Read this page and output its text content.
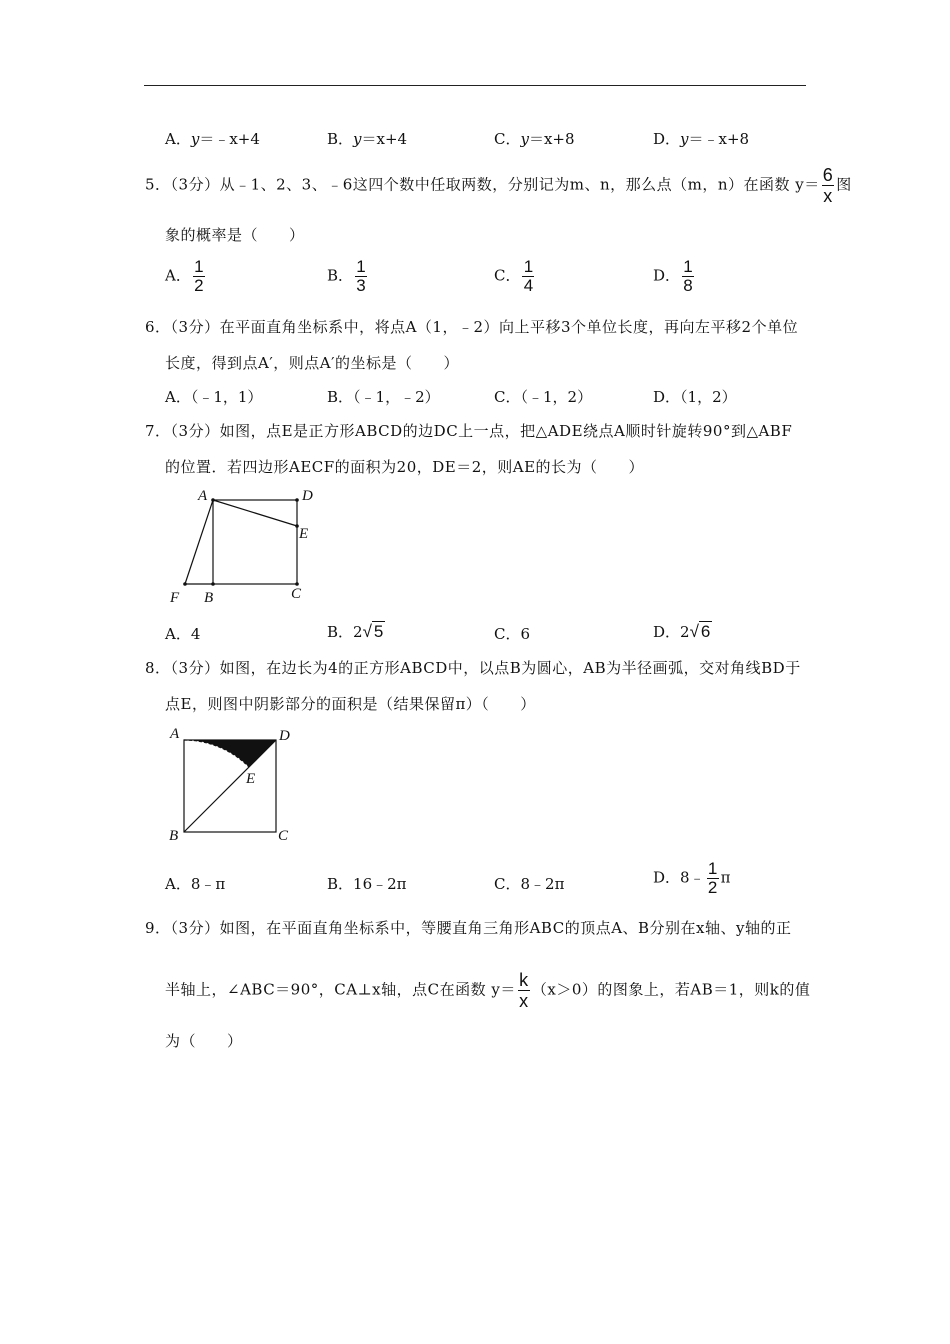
A．y＝﹣x+4	B．y＝x+4	C．y＝x+8	D．y＝﹣x+8
5．（3分）从﹣1、2、3、﹣6这四个数中任取两数，分别记为m、n，那么点（m，n）在函数 $y= \frac{6}{x}$ 图
象的概率是（　　）
A． $\frac{1}{2}$	B． $\frac{1}{3}$	C． $\frac{1}{4}$	D． $\frac{1}{8}$
6．（3分）在平面直角坐标系中，将点A（1，﹣2）向上平移3个单位长度，再向左平移2个单位
长度，得到点A′，则点A′的坐标是（　　）
A．（﹣1，1）	B．（﹣1，﹣2）	C．（﹣1，2）	D．（1，2）
7．（3分）如图，点E是正方形ABCD的边DC上一点，把△ADE绕点A顺时针旋转90°到△ABF
的位置．若四边形AECF的面积为20，DE＝2，则AE的长为（　　）
A	D
E
F B	C
A．4	B．2√ 5	C．6	D．2√ 6
8．（3分）如图，在边长为4的正方形ABCD中，以点B为圆心，AB为半径画弧，交对角线BD于
点E，则图中阴影部分的面积是（结果保留π）（　　）
A	D
E
B	C
A．8﹣π	B．16﹣2π	C．8﹣2π	D．8﹣ $\frac{1}{2}$ π
9．（3分）如图，在平面直角坐标系中，等腰直角三角形ABC的顶点A、B分别在x轴、y轴的正
半轴上，∠ABC＝90°，CA⊥x轴，点C在函数 $y= \frac{k}{x} (x>0)$的图象上，若AB＝1，则k的值
为（　　）
